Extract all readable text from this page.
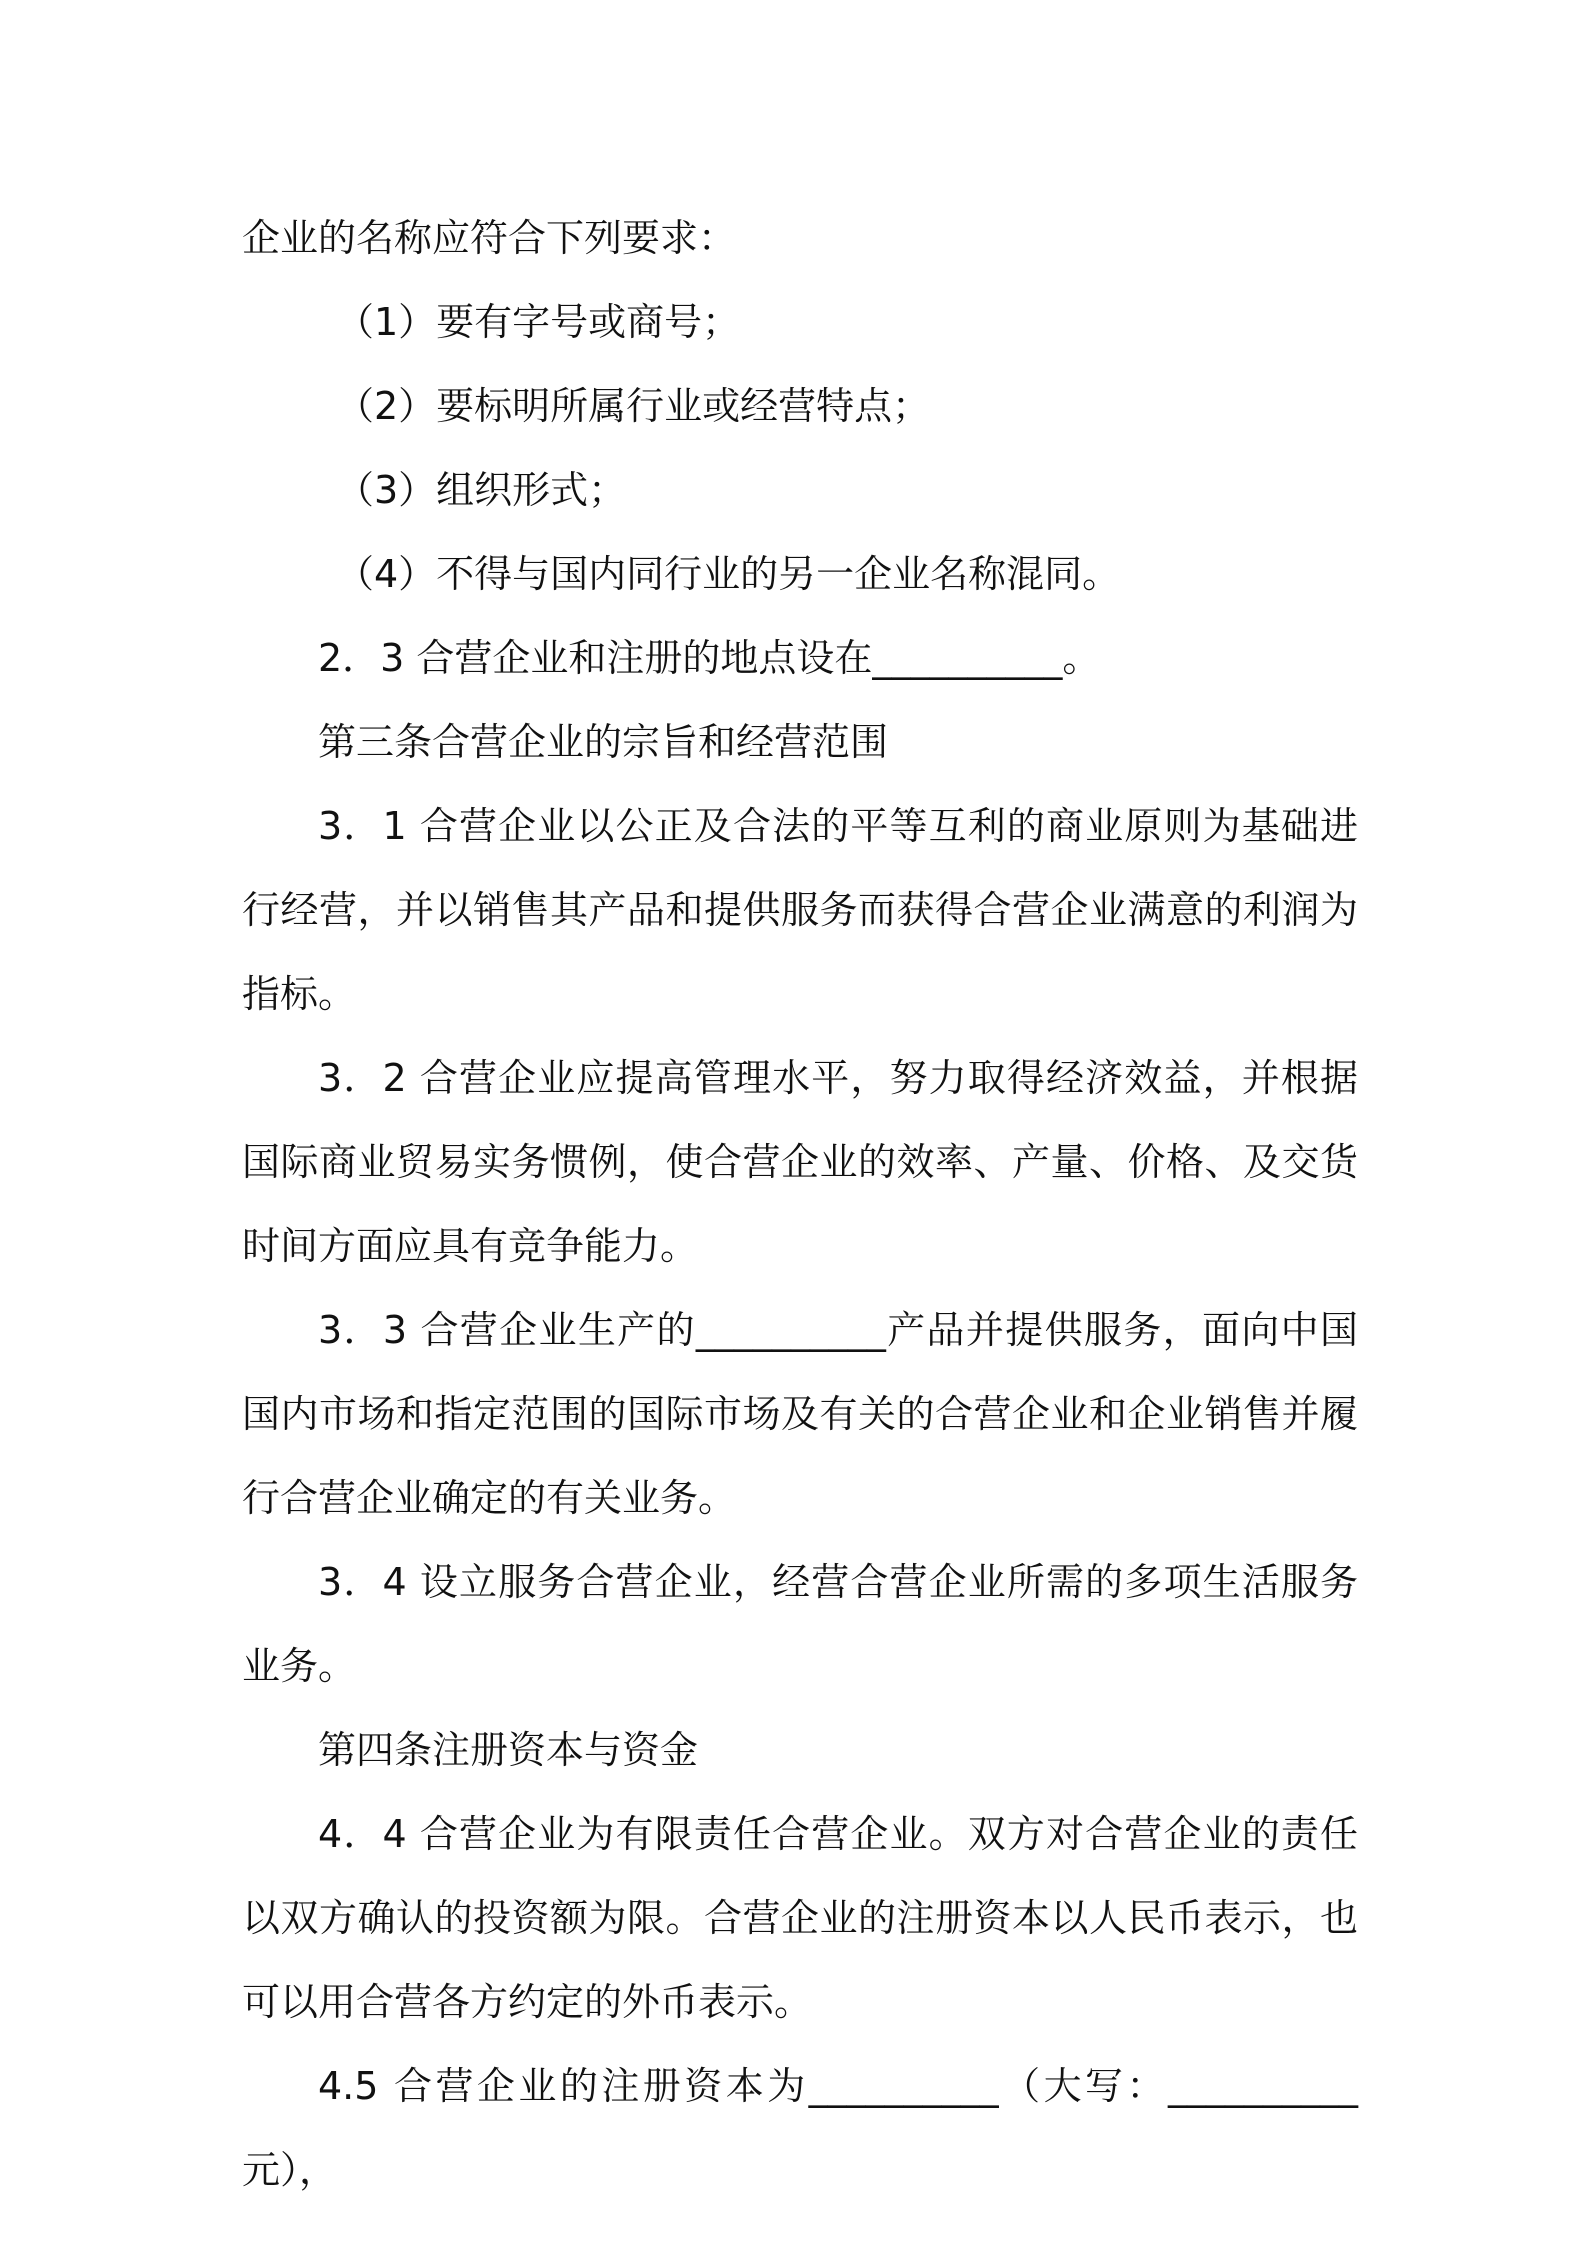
企业的名称应符合下列要求：

（1）要有字号或商号；

（2）要标明所属行业或经营特点；

（3）组织形式；

（4）不得与国内同行业的另一企业名称混同。

2．3 合营企业和注册的地点设在__________。

第三条合营企业的宗旨和经营范围

3．1 合营企业以公正及合法的平等互利的商业原则为基础进行经营，并以销售其产品和提供服务而获得合营企业满意的利润为指标。

3．2 合营企业应提高管理水平，努力取得经济效益，并根据国际商业贸易实务惯例，使合营企业的效率、产量、价格、及交货时间方面应具有竞争能力。

3．3 合营企业生产的__________产品并提供服务，面向中国国内市场和指定范围的国际市场及有关的合营企业和企业销售并履行合营企业确定的有关业务。

3．4 设立服务合营企业，经营合营企业所需的多项生活服务业务。

第四条注册资本与资金

4．4 合营企业为有限责任合营企业。双方对合营企业的责任以双方确认的投资额为限。合营企业的注册资本以人民币表示，也可以用合营各方约定的外币表示。

4.5 合营企业的注册资本为__________（大写：__________元），
